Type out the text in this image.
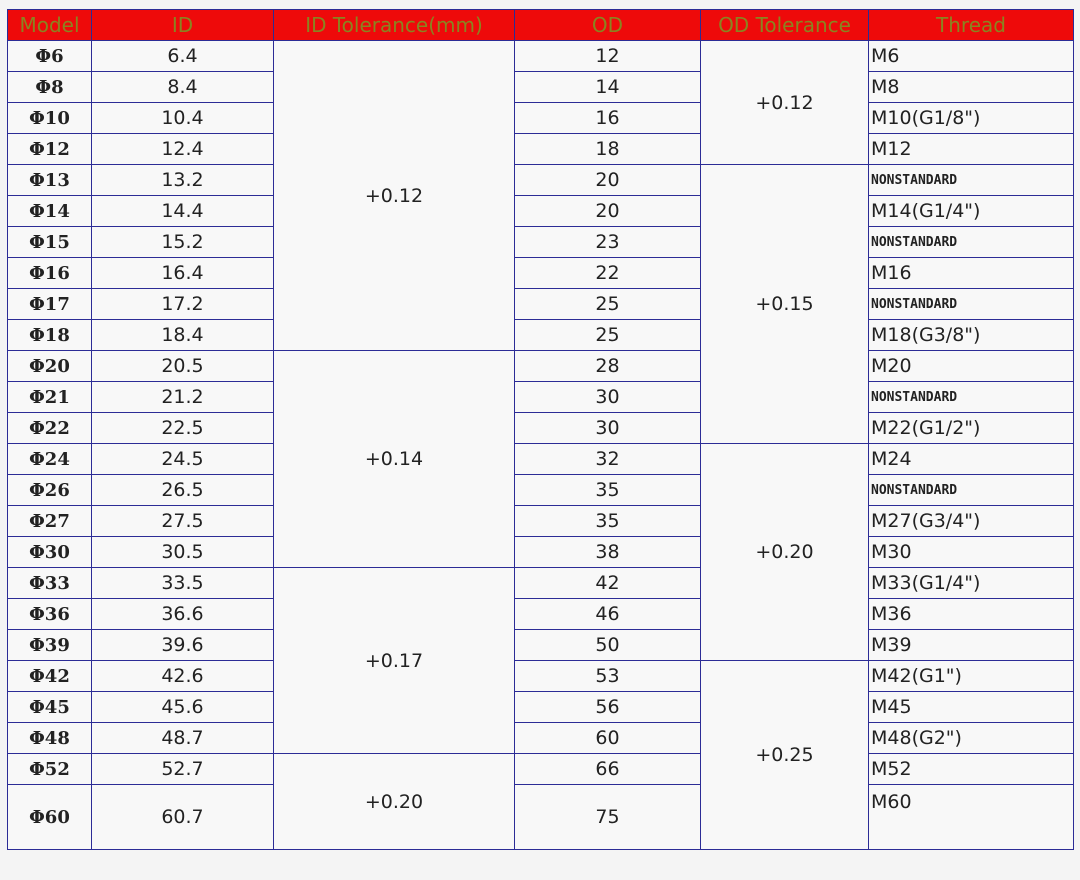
Model	ID	ID Tolerance(mm)	OD	OD Tolerance	Thread
Φ6	6.4	+0.12	12	+0.12	M6
Φ8	8.4		14		M8
Φ10	10.4		16		M10(G1/8")
Φ12	12.4		18		M12
Φ13	13.2		20	+0.15	NONSTANDARD
Φ14	14.4		20		M14(G1/4")
Φ15	15.2		23		NONSTANDARD
Φ16	16.4		22		M16
Φ17	17.2		25		NONSTANDARD
Φ18	18.4		25		M18(G3/8")
Φ20	20.5	+0.14	28		M20
Φ21	21.2		30		NONSTANDARD
Φ22	22.5		30		M22(G1/2")
Φ24	24.5		32	+0.20	M24
Φ26	26.5		35		NONSTANDARD
Φ27	27.5		35		M27(G3/4")
Φ30	30.5		38		M30
Φ33	33.5	+0.17	42		M33(G1/4")
Φ36	36.6		46		M36
Φ39	39.6		50		M39
Φ42	42.6		53	+0.25	M42(G1")
Φ45	45.6		56		M45
Φ48	48.7		60		M48(G2")
Φ52	52.7	+0.20	66		M52
Φ60	60.7		75		M60
